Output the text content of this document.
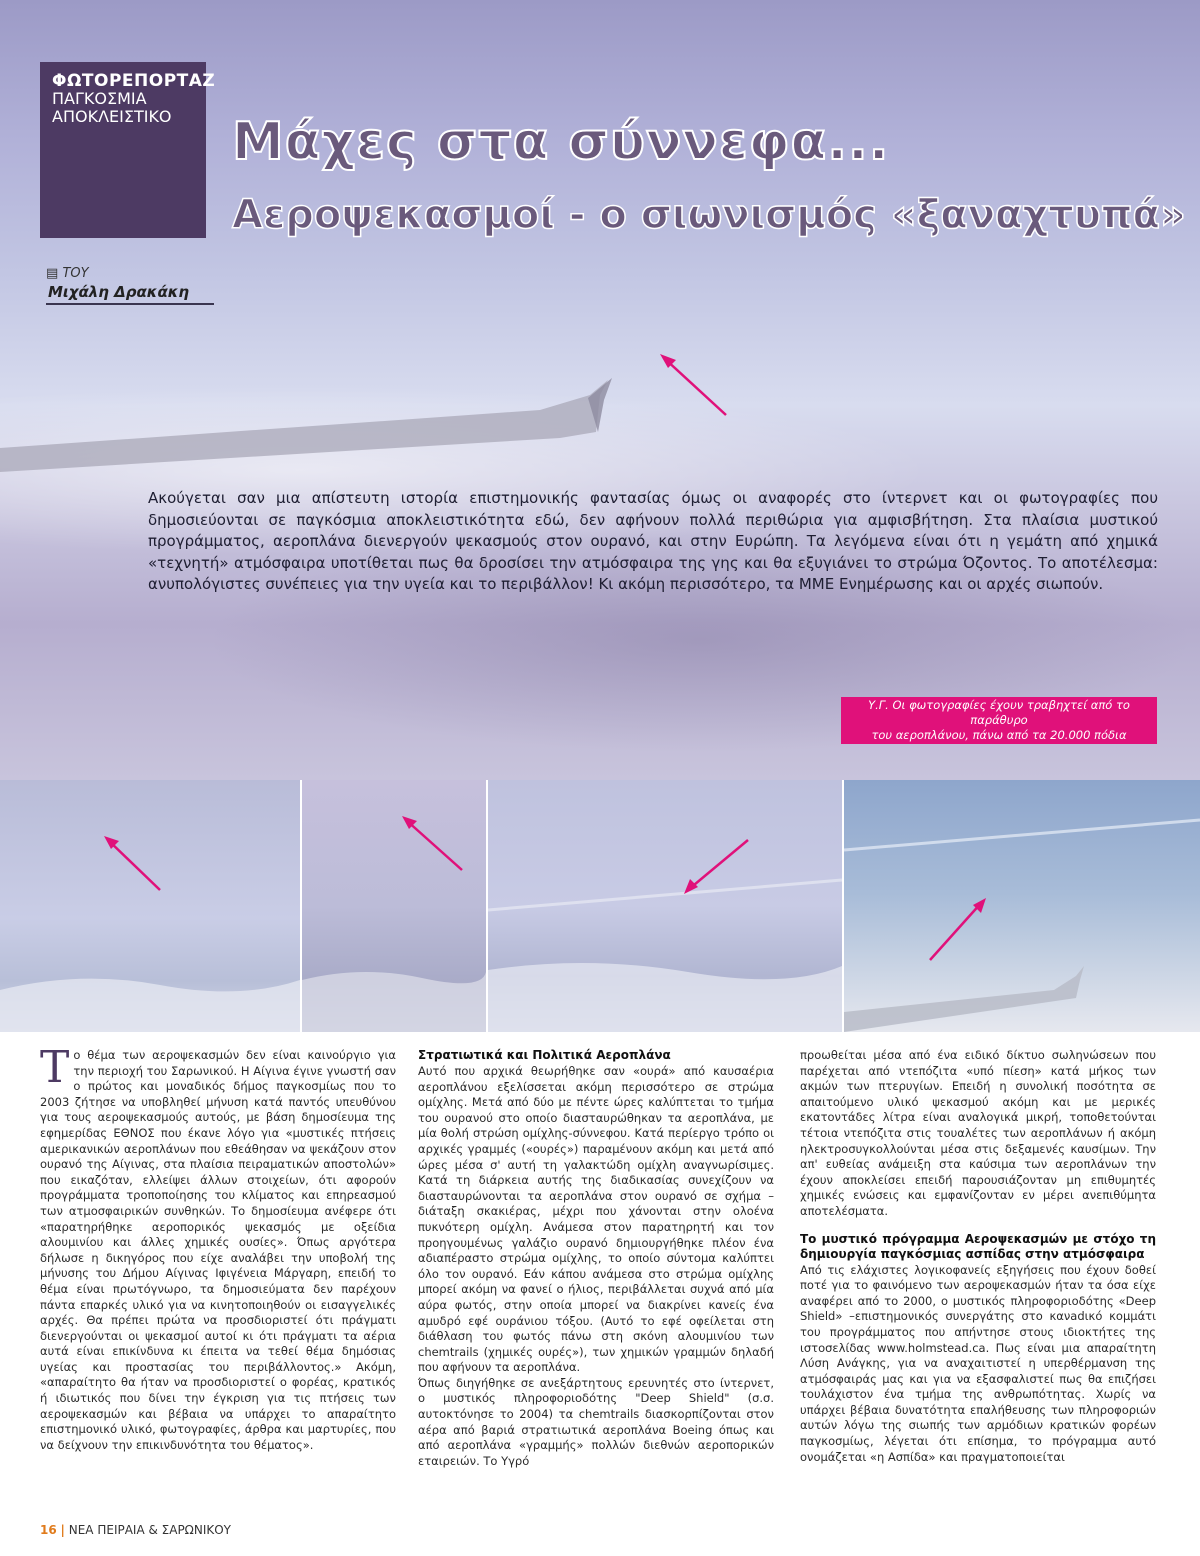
ΦΩΤΟΡΕΠΟΡΤΑΖ
ΠΑΓΚΟΣΜΙΑ
ΑΠΟΚΛΕΙΣΤΙΚΟ	Μάχες στα σύννεφα...
Αεροψεκασμοί - ο σιωνισμός «ξαναχτυπά»
▤ ΤΟΥ
Μιχάλη Δρακάκη

Ακούγεται σαν μια απίστευτη ιστορία επιστημονικής φαντασίας όμως οι αναφορές στο ίντερνετ και οι φωτογραφίες που δημοσιεύονται σε παγκόσμια αποκλειστικότητα εδώ, δεν αφήνουν πολλά περιθώρια για αμφισβήτηση. Στα πλαίσια μυστικού προγράμματος, αεροπλάνα διενεργούν ψεκασμούς στον ουρανό, και στην Ευρώπη. Τα λεγόμενα είναι ότι η γεμάτη από χημικά «τεχνητή» ατμόσφαιρα υποτίθεται πως θα δροσίσει την ατμόσφαιρα της γης και θα εξυγιάνει το στρώμα Όζοντος. Το αποτέλεσμα: ανυπολόγιστες συνέπειες για την υγεία και το περιβάλλον! Κι ακόμη περισσότερο, τα ΜΜΕ Ενημέρωσης και οι αρχές σιωπούν.

Υ.Γ. Οι φωτογραφίες έχουν τραβηχτεί από το παράθυρο
του αεροπλάνου, πάνω από τα 20.000 πόδια
Τ ο θέμα των αεροψεκασμών δεν είναι καινούργιο για την περιοχή του Σαρωνικού. Η Αίγινα έγινε γνωστή σαν ο πρώτος και μοναδικός δήμος παγκοσμίως που το 2003 ζήτησε να υποβληθεί μήνυση κατά παντός υπευθύνου για τους αεροψεκασμούς αυτούς, με βάση δημοσίευμα της εφημερίδας ΕΘΝΟΣ που έκανε λόγο για «μυστικές πτήσεις αμερικανικών αεροπλάνων που εθεάθησαν να ψεκάζουν στον ουρανό της Αίγινας, στα πλαίσια πειραματικών αποστολών» που εικαζόταν, ελλείψει άλλων στοιχείων, ότι αφορούν προγράμματα τροποποίησης του κλίματος και επηρεασμού των ατμοσφαιρικών συνθηκών. Το δημοσίευμα ανέφερε ότι «παρατηρήθηκε αεροπορικός ψεκασμός με οξείδια αλουμινίου και άλλες χημικές ουσίες». Όπως αργότερα δήλωσε η δικηγόρος που είχε αναλάβει την υποβολή της μήνυσης του Δήμου Αίγινας Ιφιγένεια Μάργαρη, επειδή το θέμα είναι πρωτόγνωρο, τα δημοσιεύματα δεν παρέχουν πάντα επαρκές υλικό για να κινητοποιηθούν οι εισαγγελικές αρχές. Θα πρέπει πρώτα να προσδιοριστεί ότι πράγματι διενεργούνται οι ψεκασμοί αυτοί κι ότι πράγματι τα αέρια αυτά είναι επικίνδυνα κι έπειτα να τεθεί θέμα δημόσιας υγείας και προστασίας του περιβάλλοντος.» Ακόμη, «απαραίτητο θα ήταν να προσδιοριστεί ο φορέας, κρατικός ή ιδιωτικός που δίνει την έγκριση για τις πτήσεις των αεροψεκασμών και βέβαια να υπάρχει το απαραίτητο επιστημονικό υλικό, φωτογραφίες, άρθρα και μαρτυρίες, που να δείχνουν την επικινδυνότητα του θέματος».

Στρατιωτικά και Πολιτικά Αεροπλάνα

Αυτό που αρχικά θεωρήθηκε σαν «ουρά» από καυσαέρια αεροπλάνου εξελίσσεται ακόμη περισσότερο σε στρώμα ομίχλης. Μετά από δύο με πέντε ώρες καλύπτεται το τμήμα του ουρανού στο οποίο διασταυρώθηκαν τα αεροπλάνα, με μία θολή στρώση ομίχλης-σύννεφου. Κατά περίεργο τρόπο οι αρχικές γραμμές («ουρές») παραμένουν ακόμη και μετά από ώρες μέσα σ' αυτή τη γαλακτώδη ομίχλη αναγνωρίσιμες. Κατά τη διάρκεια αυτής της διαδικασίας συνεχίζουν να διασταυρώνονται τα αεροπλάνα στον ουρανό σε σχήμα – διάταξη σκακιέρας, μέχρι που χάνονται στην ολοένα πυκνότερη ομίχλη. Ανάμεσα στον παρατηρητή και τον προηγουμένως γαλάζιο ουρανό δημιουργήθηκε πλέον ένα αδιαπέραστο στρώμα ομίχλης, το οποίο σύντομα καλύπτει όλο τον ουρανό. Εάν κάπου ανάμεσα στο στρώμα ομίχλης μπορεί ακόμη να φανεί ο ήλιος, περιβάλλεται συχνά από μία αύρα φωτός, στην οποία μπορεί να διακρίνει κανείς ένα αμυδρό εφέ ουράνιου τόξου. (Αυτό το εφέ οφείλεται στη διάθλαση του φωτός πάνω στη σκόνη αλουμινίου των chemtrails (χημικές ουρές»), των χημικών γραμμών δηλαδή που αφήνουν τα αεροπλάνα.

Όπως διηγήθηκε σε ανεξάρτητους ερευνητές στο ίντερνετ, ο μυστικός πληροφοριοδότης "Deep Shield" (σ.σ. αυτοκτόνησε το 2004) τα chemtrails διασκορπίζονται στον αέρα από βαριά στρατιωτικά αεροπλάνα Boeing όπως και από αεροπλάνα «γραμμής» πολλών διεθνών αεροπορικών εταιρειών. Το Υγρό

προωθείται μέσα από ένα ειδικό δίκτυο σωληνώσεων που παρέχεται από ντεπόζιτα «υπό πίεση» κατά μήκος των ακμών των πτερυγίων. Επειδή η συνολική ποσότητα σε απαιτούμενο υλικό ψεκασμού ακόμη και με μερικές εκατοντάδες λίτρα είναι αναλογικά μικρή, τοποθετούνται τέτοια ντεπόζιτα στις τουαλέτες των αεροπλάνων ή ακόμη ηλεκτροσυγκολλούνται μέσα στις δεξαμενές καυσίμων. Την απ' ευθείας ανάμειξη στα καύσιμα των αεροπλάνων την έχουν αποκλείσει επειδή παρουσιάζονταν μη επιθυμητές χημικές ενώσεις και εμφανίζονταν εν μέρει ανεπιθύμητα αποτελέσματα.

Το μυστικό πρόγραμμα Αεροψεκασμών με στόχο τη δημιουργία παγκόσμιας ασπίδας στην ατμόσφαιρα

Από τις ελάχιστες λογικοφανείς εξηγήσεις που έχουν δοθεί ποτέ για το φαινόμενο των αεροψεκασμών ήταν τα όσα είχε αναφέρει από το 2000, ο μυστικός πληροφοριοδότης «Deep Shield» –επιστημονικός συνεργάτης στο κανadικό κομμάτι του προγράμματος που απήντησε στους ιδιοκτήτες της ιστοσελίδας www.holmstead.ca. Πως είναι μια απαραίτητη Λύση Ανάγκης, για να αναχαιτιστεί η υπερθέρμανση της ατμόσφαιράς μας και για να εξασφαλιστεί πως θα επιζήσει τουλάχιστον ένα τμήμα της ανθρωπότητας. Χωρίς να υπάρχει βέβαια δυνατότητα επαλήθευσης των πληροφοριών αυτών λόγω της σιωπής των αρμόδιων κρατικών φορέων παγκοσμίως, λέγεται ότι επίσημα, το πρόγραμμα αυτό ονομάζεται «η Ασπίδα» και πραγματοποιείται

16 | ΝΕΑ ΠΕΙΡΑΙΑ & ΣΑΡΩΝΙΚΟΥ
